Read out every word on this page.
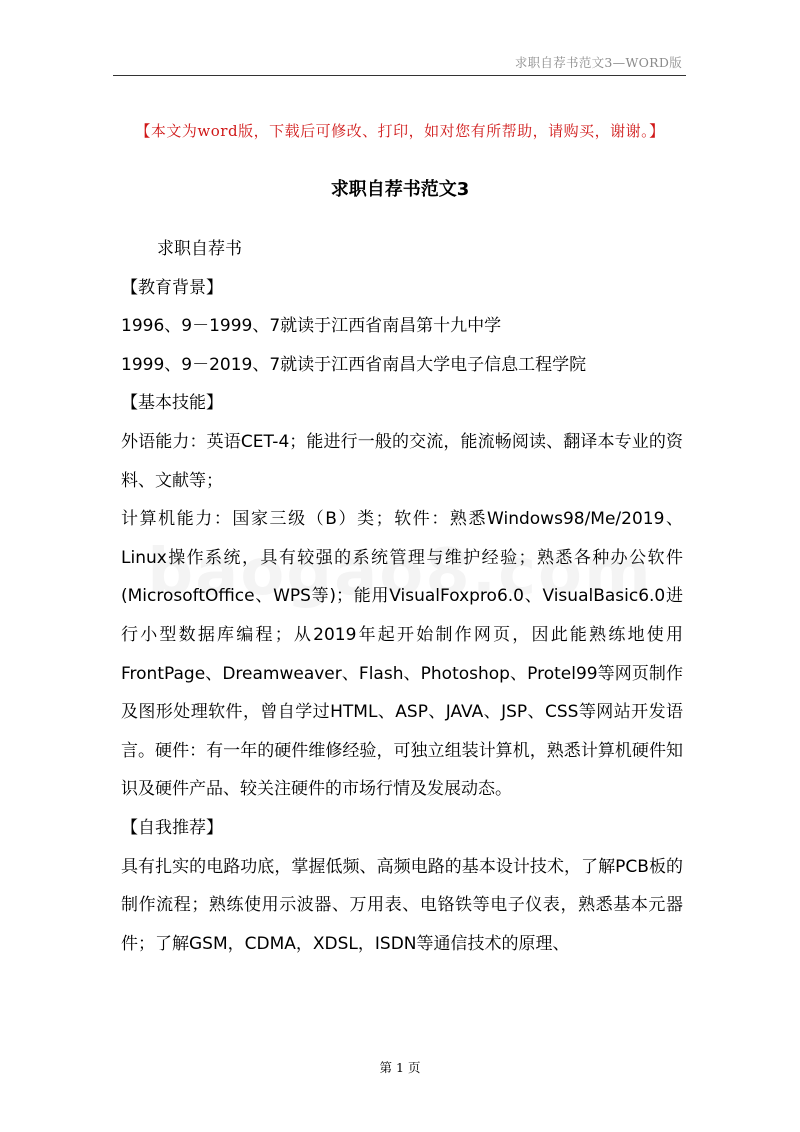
求职自荐书范文3—WORD版
【本文为word版，下载后可修改、打印，如对您有所帮助，请购买，谢谢。】
求职自荐书范文3

求职自荐书

【教育背景】

1996、9－1999、7就读于江西省南昌第十九中学

1999、9－2019、7就读于江西省南昌大学电子信息工程学院

【基本技能】

外语能力：英语CET-4；能进行一般的交流，能流畅阅读、翻译本专业的资料、文献等；

计算机能力：国家三级（B）类；软件：熟悉Windows98/Me/2019、Linux操作系统，具有较强的系统管理与维护经验；熟悉各种办公软件(MicrosoftOffice、WPS等)；能用VisualFoxpro6.0、VisualBasic6.0进行小型数据库编程；从2019年起开始制作网页，因此能熟练地使用FrontPage、Dreamweaver、Flash、Photoshop、Protel99等网页制作及图形处理软件，曾自学过HTML、ASP、JAVA、JSP、CSS等网站开发语言。硬件：有一年的硬件维修经验，可独立组装计算机，熟悉计算机硬件知识及硬件产品、较关注硬件的市场行情及发展动态。

【自我推荐】

具有扎实的电路功底，掌握低频、高频电路的基本设计技术，了解PCB板的制作流程；熟练使用示波器、万用表、电铬铁等电子仪表，熟悉基本元器件；了解GSM，CDMA，XDSL，ISDN等通信技术的原理、

第 1 页
